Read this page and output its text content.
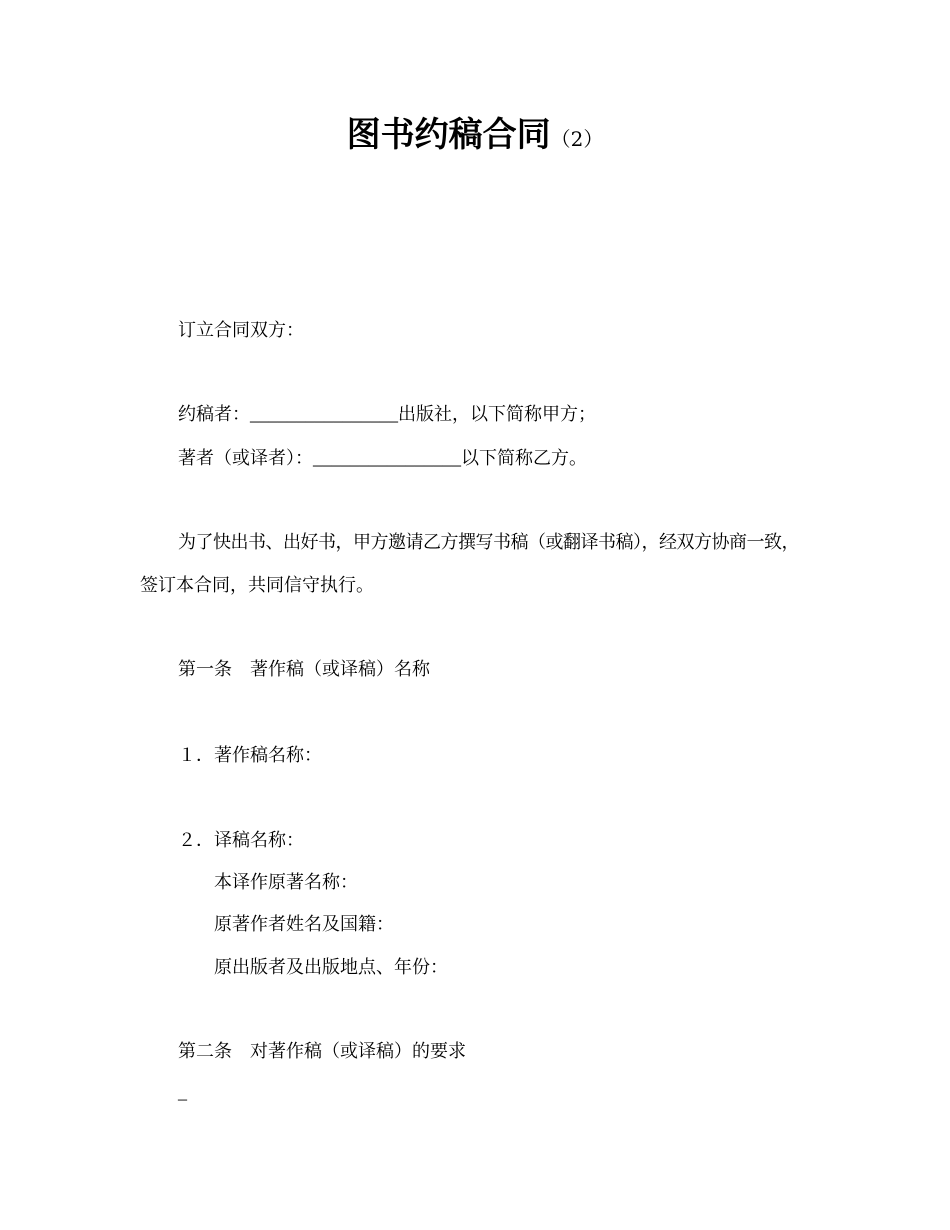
图书约稿合同（2）
订立合同双方：
约稿者：________________出版社，以下简称甲方；
著者（或译者）：________________以下简称乙方。
为了快出书、出好书，甲方邀请乙方撰写书稿（或翻译书稿），经双方协商一致，
签订本合同，共同信守执行。
第一条　著作稿（或译稿）名称
１．著作稿名称：
２．译稿名称：
本译作原著名称：
原著作者姓名及国籍：
原出版者及出版地点、年份：
第二条　对著作稿（或译稿）的要求
_
